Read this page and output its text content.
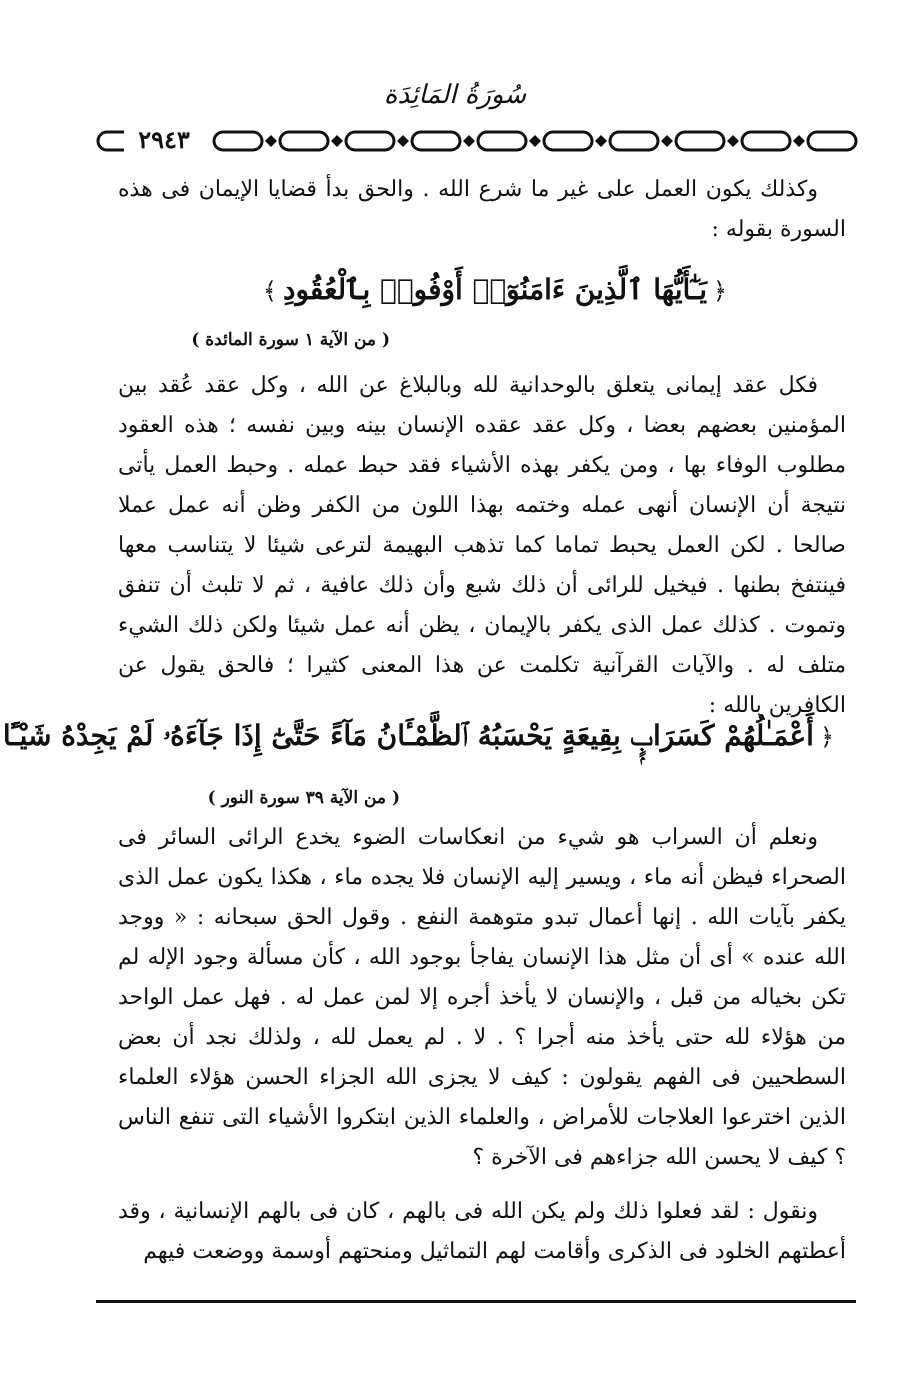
سُورَةُ المَائِدَة
٢٩٤٣

وكذلك يكون العمل على غير ما شرع الله . والحق بدأ قضايا الإيمان فى هذه السورة بقوله :

﴿يَـٰٓأَيُّهَا ٱلَّذِينَ ءَامَنُوٓا۟ أَوْفُوا۟ بِٱلْعُقُودِ﴾
( من الآية ١ سورة المائدة )

فكل عقد إيمانى يتعلق بالوحدانية لله وبالبلاغ عن الله ، وكل عقد عُقد بين المؤمنين بعضهم بعضا ، وكل عقد عقده الإنسان بينه وبين نفسه ؛ هذه العقود مطلوب الوفاء بها ، ومن يكفر بهذه الأشياء فقد حبط عمله . وحبط العمل يأتى نتيجة أن الإنسان أنهى عمله وختمه بهذا اللون من الكفر وظن أنه عمل عملا صالحا . لكن العمل يحبط تماما كما تذهب البهيمة لترعى شيئا لا يتناسب معها فينتفخ بطنها . فيخيل للرائى أن ذلك شبع وأن ذلك عافية ، ثم لا تلبث أن تنفق وتموت . كذلك عمل الذى يكفر بالإيمان ، يظن أنه عمل شيئا ولكن ذلك الشيء متلف له . والآيات القرآنية تكلمت عن هذا المعنى كثيرا ؛ فالحق يقول عن الكافرين بالله :

﴿أَعْمَـٰلُهُمْ كَسَرَابٍۭ بِقِيعَةٍ يَحْسَبُهُ ٱلظَّمْـَٔانُ مَآءً حَتَّىٰٓ إِذَا جَآءَهُۥ لَمْ يَجِدْهُ شَيْـًٔا
( من الآية ٣٩ سورة النور )

ونعلم أن السراب هو شيء من انعكاسات الضوء يخدع الرائى السائر فى الصحراء فيظن أنه ماء ، ويسير إليه الإنسان فلا يجده ماء ، هكذا يكون عمل الذى يكفر بآيات الله . إنها أعمال تبدو متوهمة النفع . وقول الحق سبحانه : « ووجد الله عنده » أى أن مثل هذا الإنسان يفاجأ بوجود الله ، كأن مسألة وجود الإله لم تكن بخياله من قبل ، والإنسان لا يأخذ أجره إلا لمن عمل له . فهل عمل الواحد من هؤلاء لله حتى يأخذ منه أجرا ؟ . لا . لم يعمل لله ، ولذلك نجد أن بعض السطحيين فى الفهم يقولون : كيف لا يجزى الله الجزاء الحسن هؤلاء العلماء الذين اخترعوا العلاجات للأمراض ، والعلماء الذين ابتكروا الأشياء التى تنفع الناس ؟ كيف لا يحسن الله جزاءهم فى الآخرة ؟

ونقول : لقد فعلوا ذلك ولم يكن الله فى بالهم ، كان فى بالهم الإنسانية ، وقد أعطتهم الخلود فى الذكرى وأقامت لهم التماثيل ومنحتهم أوسمة ووضعت فيهم
